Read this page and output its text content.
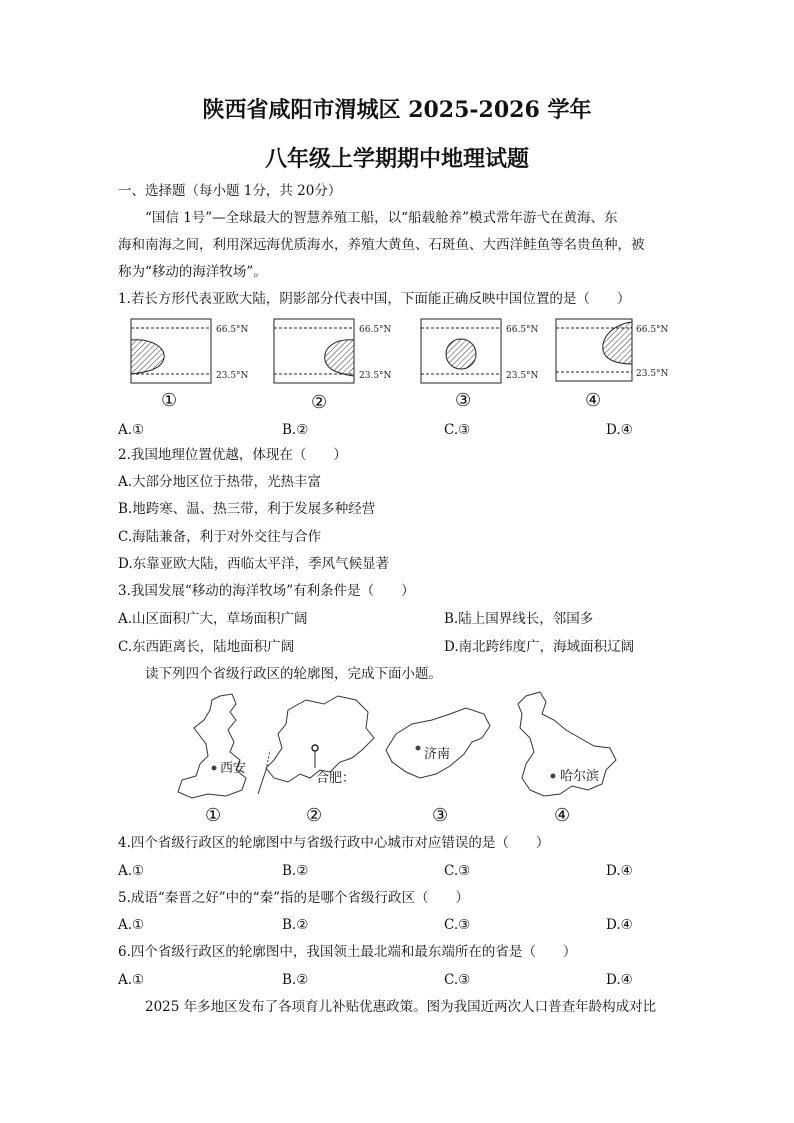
陕西省咸阳市渭城区 2025-2026 学年
八年级上学期期中地理试题
一、选择题（每小题 1分，共 20分）
“国信 1号”—全球最大的智慧养殖工船，以“船载舱养”模式常年游弋在黄海、东
海和南海之间，利用深远海优质海水，养殖大黄鱼、石斑鱼、大西洋鲑鱼等名贵鱼种，被
称为“移动的海洋牧场”。
1.若长方形代表亚欧大陆，阴影部分代表中国，下面能正确反映中国位置的是（　　）
66.5°N
23.5°N
66.5°N
23.5°N
66.5°N
23.5°N
66.5°N
23.5°N
①	②	③	④
A.①	B.②	C.③	D.④
2.我国地理位置优越，体现在（　　）
A.大部分地区位于热带，光热丰富
B.地跨寒、温、热三带，利于发展多种经营
C.海陆兼备，利于对外交往与合作
D.东靠亚欧大陆，西临太平洋，季风气候显著
3.我国发展“移动的海洋牧场”有利条件是（　　）
A.山区面积广大，草场面积广阔	B.陆上国界线长，邻国多
C.东西距离长，陆地面积广阔	D.南北跨纬度广，海域面积辽阔
读下列四个省级行政区的轮廓图，完成下面小题。
西安
合肥：
济南
哈尔滨
①	②	③	④
4.四个省级行政区的轮廓图中与省级行政中心城市对应错误的是（　　）
A.①	B.②	C.③	D.④
5.成语“秦晋之好”中的“秦”指的是哪个省级行政区（　　）
A.①	B.②	C.③	D.④
6.四个省级行政区的轮廓图中，我国领土最北端和最东端所在的省是（　　）
A.①	B.②	C.③	D.④
2025 年多地区发布了各项育儿补贴优惠政策。图为我国近两次人口普查年龄构成对比
